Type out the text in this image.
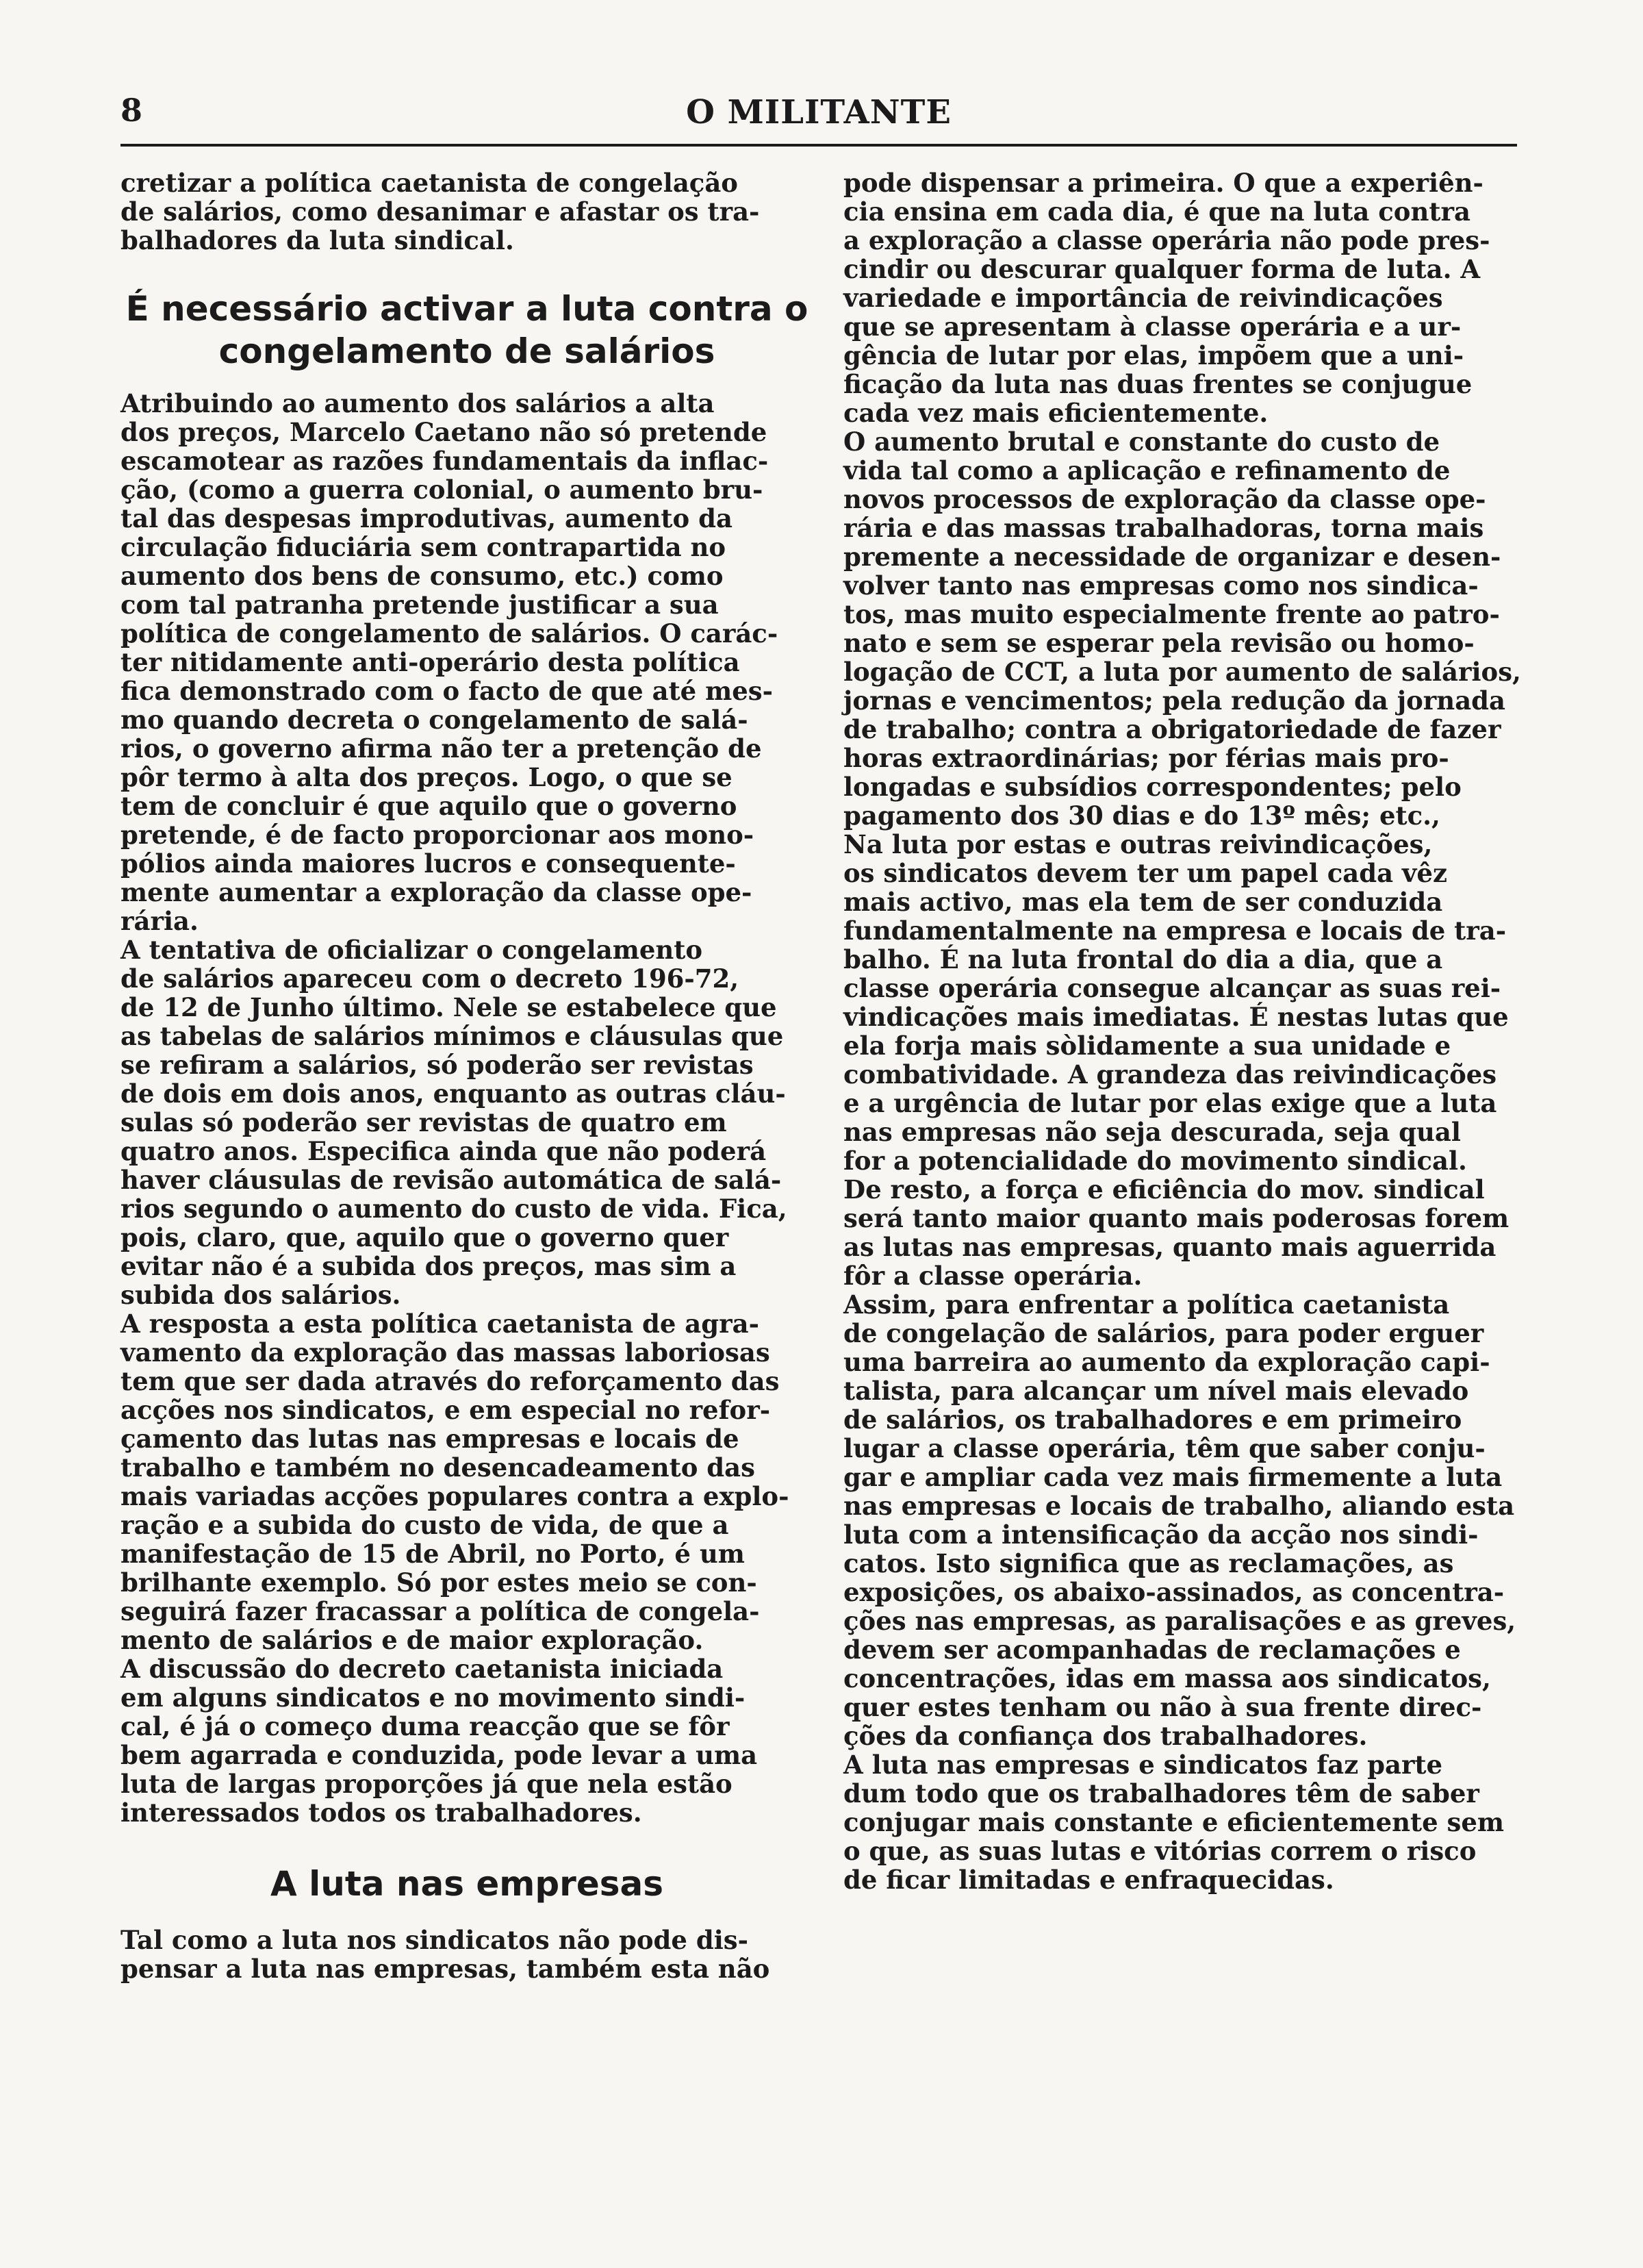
8	O MILITANTE

cretizar a política caetanista de congelação
de salários, como desanimar e afastar os tra-
balhadores da luta sindical.

É necessário activar a luta contra o
congelamento de salários

Atribuindo ao aumento dos salários a alta
dos preços, Marcelo Caetano não só pretende
escamotear as razões fundamentais da inflac-
ção, (como a guerra colonial, o aumento bru-
tal das despesas improdutivas, aumento da
circulação fiduciária sem contrapartida no
aumento dos bens de consumo, etc.) como
com tal patranha pretende justificar a sua
política de congelamento de salários. O carác-
ter nitidamente anti-operário desta política
fica demonstrado com o facto de que até mes-
mo quando decreta o congelamento de salá-
rios, o governo afirma não ter a pretenção de
pôr termo à alta dos preços. Logo, o que se
tem de concluir é que aquilo que o governo
pretende, é de facto proporcionar aos mono-
pólios ainda maiores lucros e consequente-
mente aumentar a exploração da classe ope-
rária.

A tentativa de oficializar o congelamento
de salários apareceu com o decreto 196-72,
de 12 de Junho último. Nele se estabelece que
as tabelas de salários mínimos e cláusulas que
se refiram a salários, só poderão ser revistas
de dois em dois anos, enquanto as outras cláu-
sulas só poderão ser revistas de quatro em
quatro anos. Especifica ainda que não poderá
haver cláusulas de revisão automática de salá-
rios segundo o aumento do custo de vida. Fica,
pois, claro, que, aquilo que o governo quer
evitar não é a subida dos preços, mas sim a
subida dos salários.

A resposta a esta política caetanista de agra-
vamento da exploração das massas laboriosas
tem que ser dada através do reforçamento das
acções nos sindicatos, e em especial no refor-
çamento das lutas nas empresas e locais de
trabalho e também no desencadeamento das
mais variadas acções populares contra a explo-
ração e a subida do custo de vida, de que a
manifestação de 15 de Abril, no Porto, é um
brilhante exemplo. Só por estes meio se con-
seguirá fazer fracassar a política de congela-
mento de salários e de maior exploração.

A discussão do decreto caetanista iniciada
em alguns sindicatos e no movimento sindi-
cal, é já o começo duma reacção que se fôr
bem agarrada e conduzida, pode levar a uma
luta de largas proporções já que nela estão
interessados todos os trabalhadores.

A luta nas empresas

Tal como a luta nos sindicatos não pode dis-
pensar a luta nas empresas, também esta não

pode dispensar a primeira. O que a experiên-
cia ensina em cada dia, é que na luta contra
a exploração a classe operária não pode pres-
cindir ou descurar qualquer forma de luta. A
variedade e importância de reivindicações
que se apresentam à classe operária e a ur-
gência de lutar por elas, impõem que a uni-
ficação da luta nas duas frentes se conjugue
cada vez mais eficientemente.

O aumento brutal e constante do custo de
vida tal como a aplicação e refinamento de
novos processos de exploração da classe ope-
rária e das massas trabalhadoras, torna mais
premente a necessidade de organizar e desen-
volver tanto nas empresas como nos sindica-
tos, mas muito especialmente frente ao patro-
nato e sem se esperar pela revisão ou homo-
logação de CCT, a luta por aumento de salários,
jornas e vencimentos; pela redução da jornada
de trabalho; contra a obrigatoriedade de fazer
horas extraordinárias; por férias mais pro-
longadas e subsídios correspondentes; pelo
pagamento dos 30 dias e do 13º mês; etc.,

Na luta por estas e outras reivindicações,
os sindicatos devem ter um papel cada vêz
mais activo, mas ela tem de ser conduzida
fundamentalmente na empresa e locais de tra-
balho. É na luta frontal do dia a dia, que a
classe operária consegue alcançar as suas rei-
vindicações mais imediatas. É nestas lutas que
ela forja mais sòlidamente a sua unidade e
combatividade. A grandeza das reivindicações
e a urgência de lutar por elas exige que a luta
nas empresas não seja descurada, seja qual
for a potencialidade do movimento sindical.
De resto, a força e eficiência do mov. sindical
será tanto maior quanto mais poderosas forem
as lutas nas empresas, quanto mais aguerrida
fôr a classe operária.

Assim, para enfrentar a política caetanista
de congelação de salários, para poder erguer
uma barreira ao aumento da exploração capi-
talista, para alcançar um nível mais elevado
de salários, os trabalhadores e em primeiro
lugar a classe operária, têm que saber conju-
gar e ampliar cada vez mais firmemente a luta
nas empresas e locais de trabalho, aliando esta
luta com a intensificação da acção nos sindi-
catos. Isto significa que as reclamações, as
exposições, os abaixo-assinados, as concentra-
ções nas empresas, as paralisações e as greves,
devem ser acompanhadas de reclamações e
concentrações, idas em massa aos sindicatos,
quer estes tenham ou não à sua frente direc-
ções da confiança dos trabalhadores.

A luta nas empresas e sindicatos faz parte
dum todo que os trabalhadores têm de saber
conjugar mais constante e eficientemente sem
o que, as suas lutas e vitórias correm o risco
de ficar limitadas e enfraquecidas.
